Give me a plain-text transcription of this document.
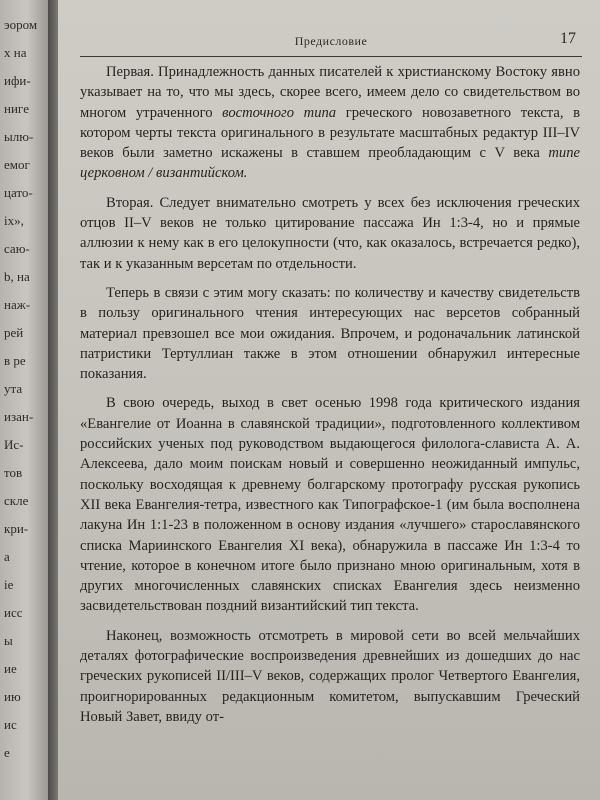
эором
х на
ифи-
нигe
ылю-
емог
цато-
iх»,
саю-
b, на
наж-
рей
в ре
ута
изан-
Иc-
тов
скле
кpи-
a
ie
иcс
ы
ие
ию
иc
e
Предисловие	17

Первая. Принадлежность данных писателей к христианскому Востоку явно указывает на то, что мы здесь, скорее всего, имеем дело со свидетельством во многом утраченного восточного типа греческого новозаветного текста, в котором черты текста оригинального в результате масштабных редактур III–IV веков были заметно искажены в ставшем преобладающим с V века типе церковном / византийском.

Вторая. Следует внимательно смотреть у всех без исключения греческих отцов II–V веков не только цитирование пассажа Ин 1:3-4, но и прямые аллюзии к нему как в его целокупности (что, как оказалось, встречается редко), так и к указанным версетам по отдельности.

Теперь в связи с этим могу сказать: по количеству и качеству свидетельств в пользу оригинального чтения интересующих нас версетов собранный материал превзошел все мои ожидания. Впрочем, и родоначальник латинской патристики Тертуллиан также в этом отношении обнаружил интересные показания.

В свою очередь, выход в свет осенью 1998 года критического издания «Евангелие от Иоанна в славянской традиции», подготовленного коллективом российских ученых под руководством выдающегося филолога-слависта А. А. Алексеева, дало моим поискам новый и совершенно неожиданный импульс, поскольку восходящая к древнему болгарскому протографу русская рукопись XII века Евангелия-тетра, известного как Типографское-1 (им была восполнена лакуна Ин 1:1-23 в положенном в основу издания «лучшего» старославянского списка Мариинского Евангелия XI века), обнаружила в пассаже Ин 1:3-4 то чтение, которое в конечном итоге было признано мною оригинальным, хотя в других многочисленных славянских списках Евангелия здесь неизменно засвидетельствован поздний византийский тип текста.

Наконец, возможность отсмотреть в мировой сети во всей мельчайших деталях фотографические воспроизведения древнейших из дошедших до нас греческих рукописей II/III–V веков, содержащих пролог Четвертого Евангелия, проигнорированных редакционным комитетом, выпускавшим Греческий Новый Завет, ввиду от-
